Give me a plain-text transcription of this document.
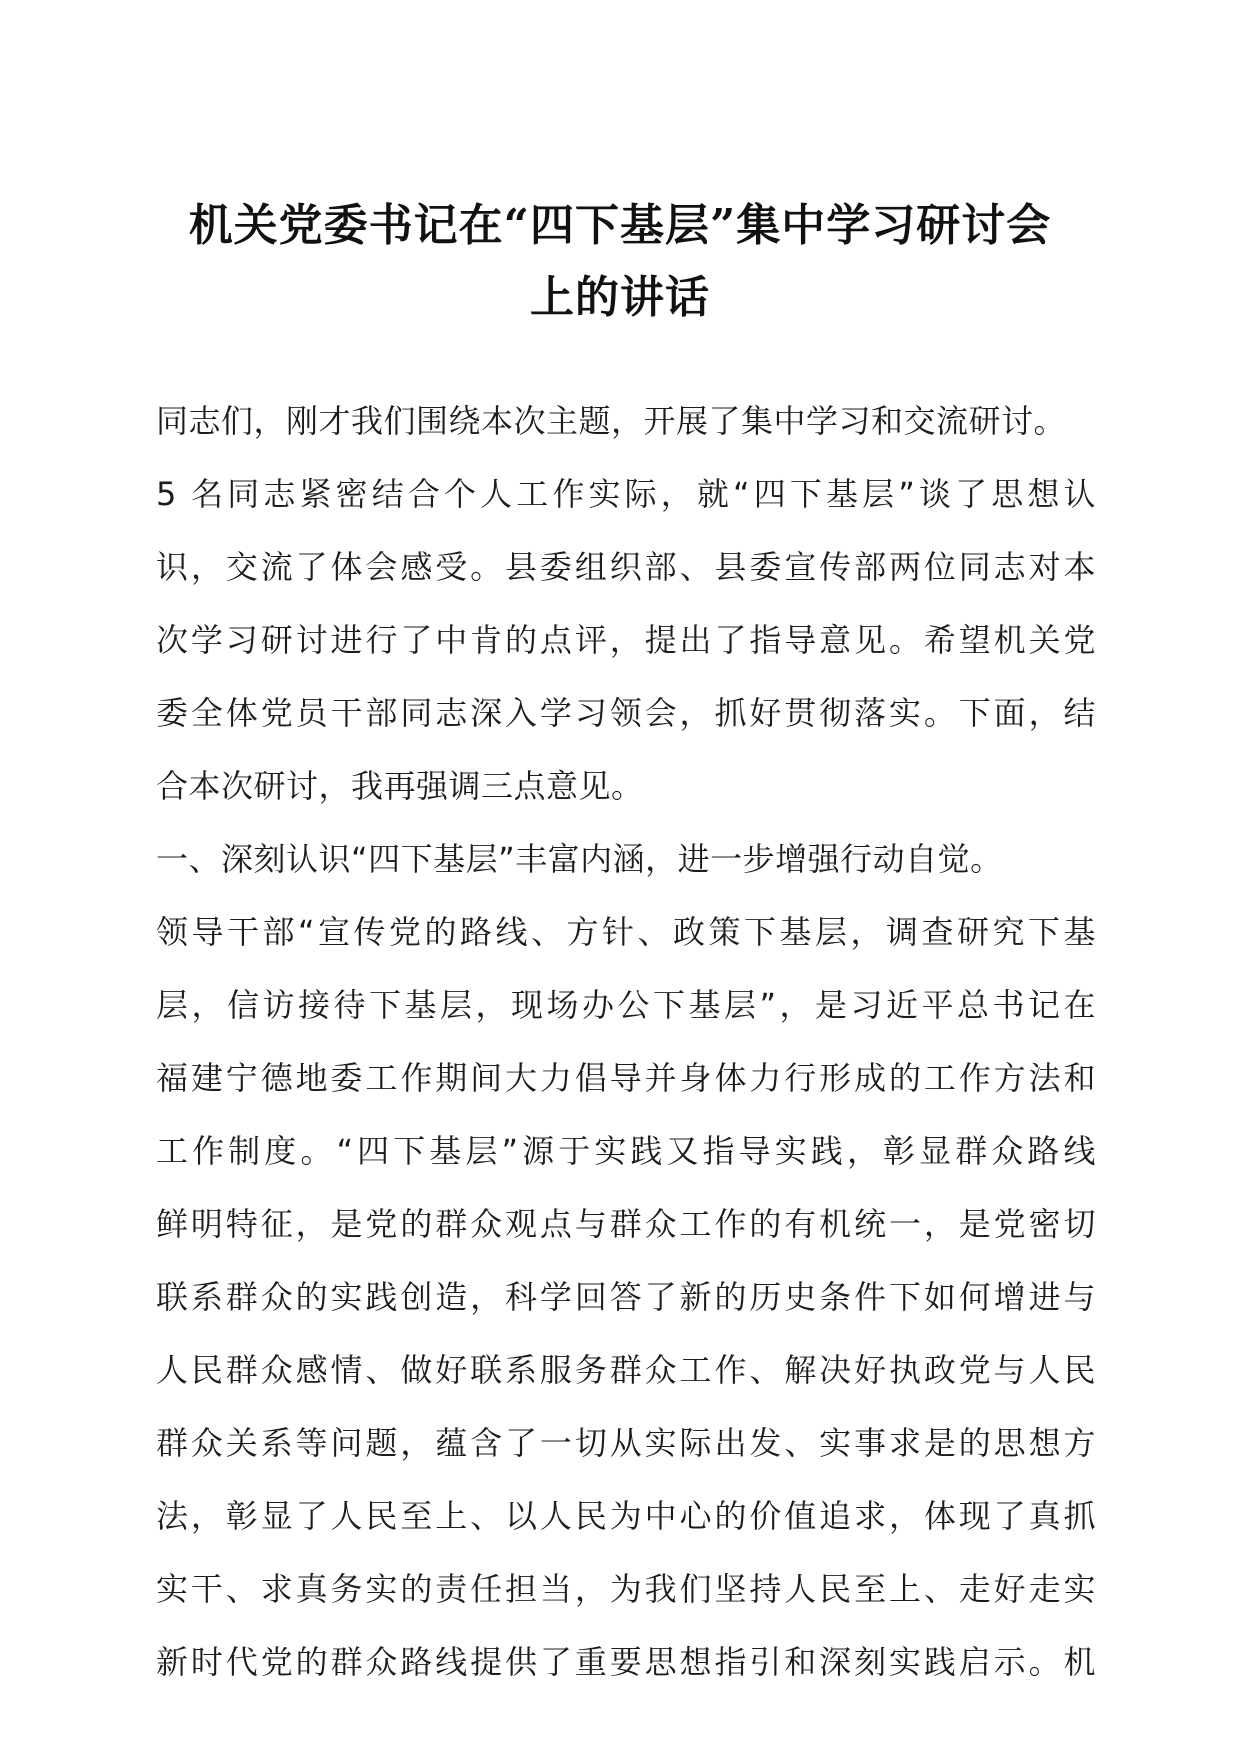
机关党委书记在“四下基层”集中学习研讨会
上的讲话
同志们，刚才我们围绕本次主题，开展了集中学习和交流研讨。
5 名同志紧密结合个人工作实际，就“四下基层”谈了思想认
识，交流了体会感受。县委组织部、县委宣传部两位同志对本
次学习研讨进行了中肯的点评，提出了指导意见。希望机关党
委全体党员干部同志深入学习领会，抓好贯彻落实。下面，结
合本次研讨，我再强调三点意见。
一、深刻认识“四下基层”丰富内涵，进一步增强行动自觉。
领导干部“宣传党的路线、方针、政策下基层，调查研究下基
层，信访接待下基层，现场办公下基层”，是习近平总书记在
福建宁德地委工作期间大力倡导并身体力行形成的工作方法和
工作制度。“四下基层”源于实践又指导实践，彰显群众路线
鲜明特征，是党的群众观点与群众工作的有机统一，是党密切
联系群众的实践创造，科学回答了新的历史条件下如何增进与
人民群众感情、做好联系服务群众工作、解决好执政党与人民
群众关系等问题，蕴含了一切从实际出发、实事求是的思想方
法，彰显了人民至上、以人民为中心的价值追求，体现了真抓
实干、求真务实的责任担当，为我们坚持人民至上、走好走实
新时代党的群众路线提供了重要思想指引和深刻实践启示。机
